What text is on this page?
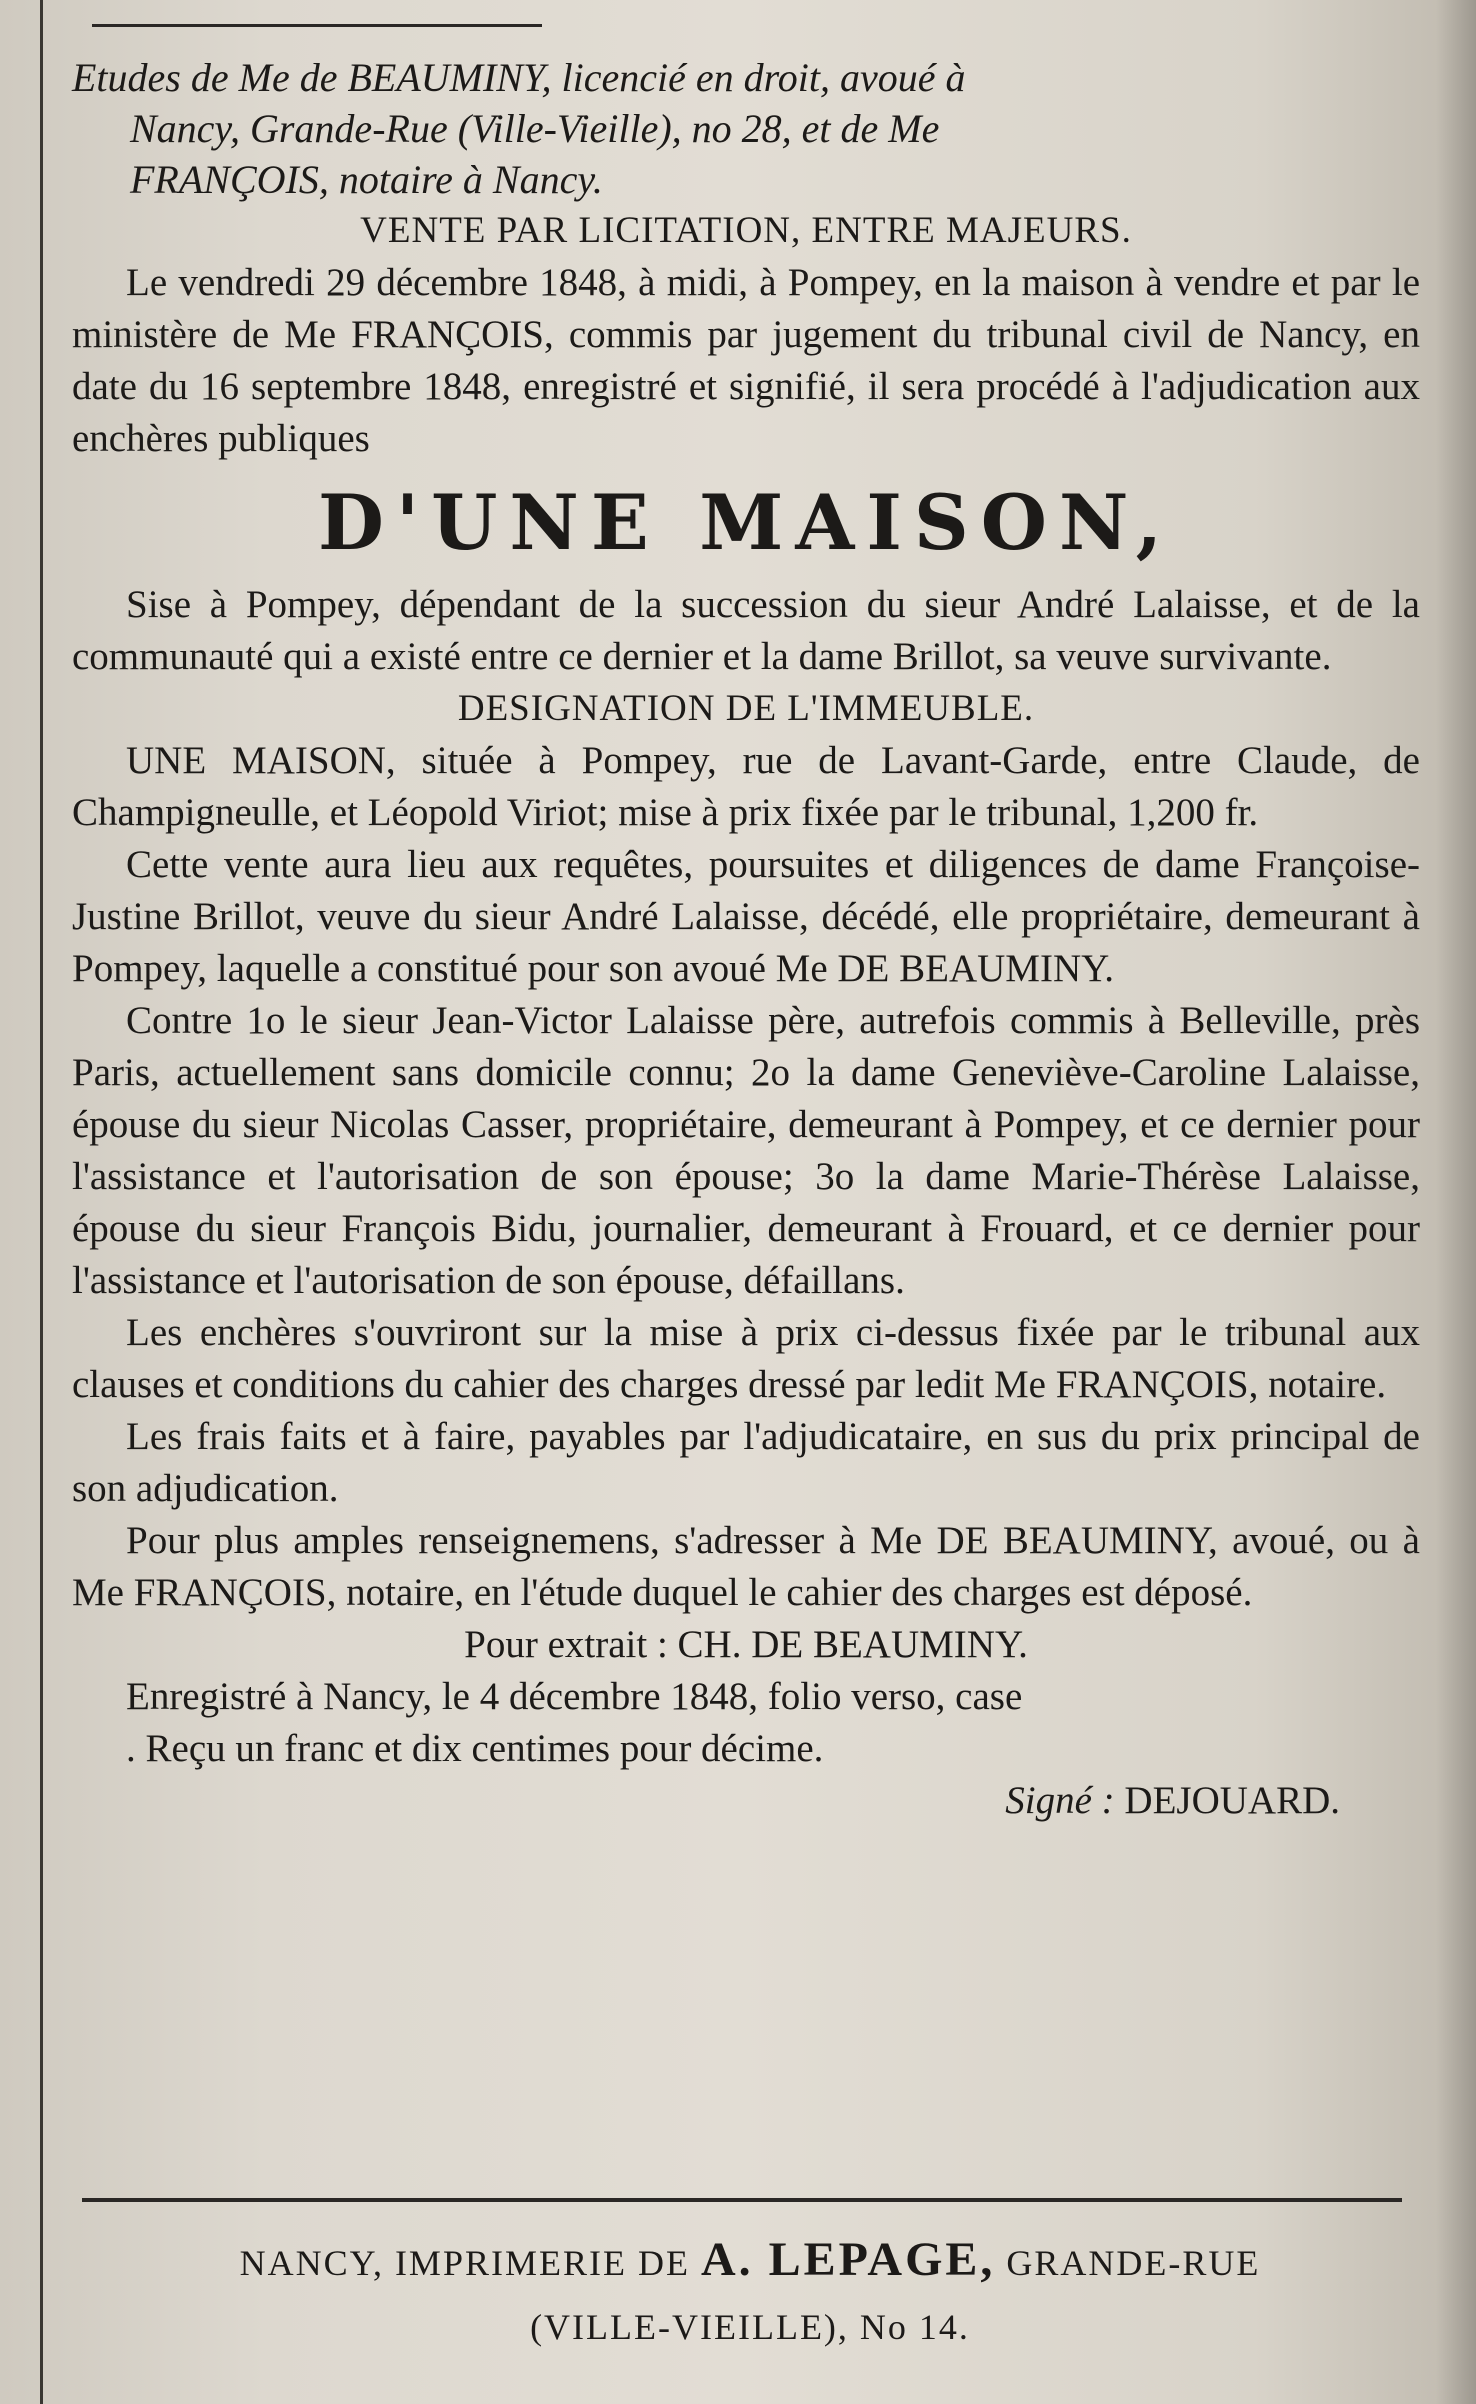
Etudes de Me de BEAUMINY, licencié en droit, avoué à
Nancy, Grande-Rue (Ville-Vieille), no 28, et de Me
FRANÇOIS, notaire à Nancy.

VENTE PAR LICITATION, ENTRE MAJEURS.

Le vendredi 29 décembre 1848, à midi, à Pompey, en la maison à vendre et par le ministère de Me FRANÇOIS, commis par jugement du tribunal civil de Nancy, en date du 16 septembre 1848, enregistré et signifié, il sera procédé à l'adjudication aux enchères publiques

D'UNE MAISON,

Sise à Pompey, dépendant de la succession du sieur André Lalaisse, et de la communauté qui a existé entre ce dernier et la dame Brillot, sa veuve survivante.

DESIGNATION DE L'IMMEUBLE.

UNE MAISON, située à Pompey, rue de Lavant-Garde, entre Claude, de Champigneulle, et Léopold Viriot; mise à prix fixée par le tribunal, 1,200 fr.

Cette vente aura lieu aux requêtes, poursuites et diligences de dame Françoise-Justine Brillot, veuve du sieur André Lalaisse, décédé, elle propriétaire, demeurant à Pompey, laquelle a constitué pour son avoué Me DE BEAUMINY.

Contre 1o le sieur Jean-Victor Lalaisse père, autrefois commis à Belleville, près Paris, actuellement sans domicile connu; 2o la dame Geneviève-Caroline Lalaisse, épouse du sieur Nicolas Casser, propriétaire, demeurant à Pompey, et ce dernier pour l'assistance et l'autorisation de son épouse; 3o la dame Marie-Thérèse Lalaisse, épouse du sieur François Bidu, journalier, demeurant à Frouard, et ce dernier pour l'assistance et l'autorisation de son épouse, défaillans.

Les enchères s'ouvriront sur la mise à prix ci-dessus fixée par le tribunal aux clauses et conditions du cahier des charges dressé par ledit Me FRANÇOIS, notaire.

Les frais faits et à faire, payables par l'adjudicataire, en sus du prix principal de son adjudication.

Pour plus amples renseignemens, s'adresser à Me DE BEAUMINY, avoué, ou à Me FRANÇOIS, notaire, en l'étude duquel le cahier des charges est déposé.

Pour extrait : CH. DE BEAUMINY.

Enregistré à Nancy, le 4 décembre 1848, folio verso, case

. Reçu un franc et dix centimes pour décime.

Signé : DEJOUARD.

NANCY, IMPRIMERIE DE A. LEPAGE, GRANDE-RUE
(VILLE-VIEILLE), No 14.
